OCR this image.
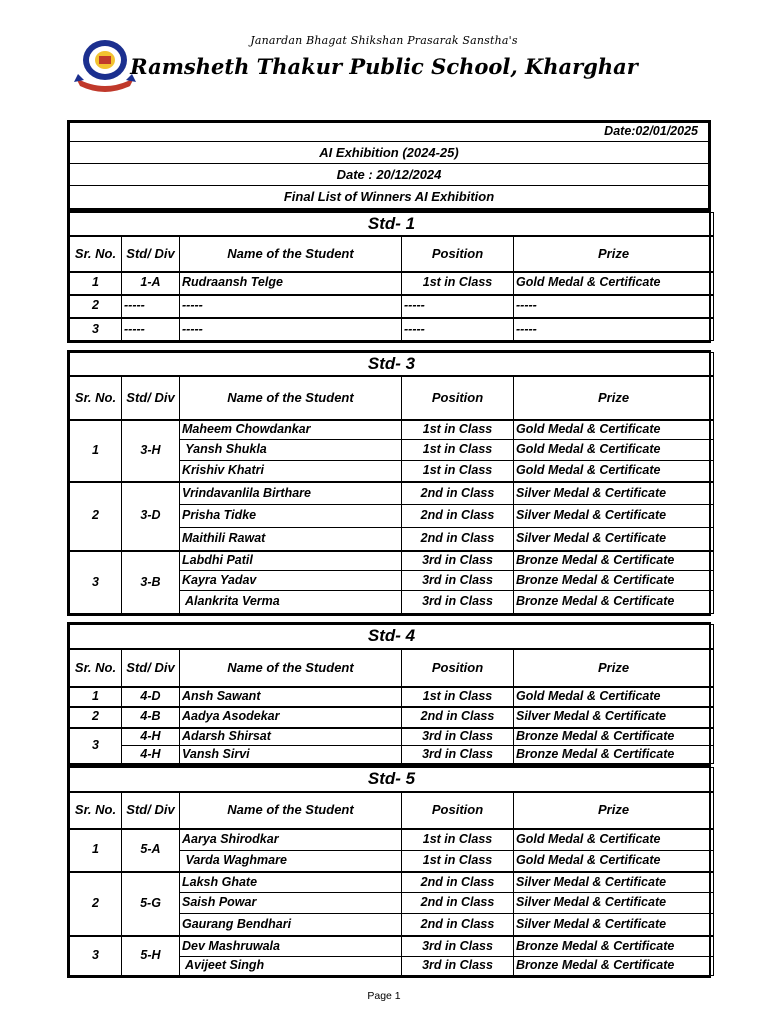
Janardan Bhagat Shikshan Prasarak Sanstha's
Ramsheth Thakur Public School, Kharghar
Date:02/01/2025
AI Exhibition (2024-25)
Date : 20/12/2024
Final List of Winners AI Exhibition
Std- 1				
Sr. No.	Std/ Div	Name of the Student	Position	Prize
1	1-A	Rudraansh Telge	1st in Class	Gold Medal & Certificate
2	-----	-----	-----	-----
3	-----	-----	-----	-----
Std- 3				
Sr. No.	Std/ Div	Name of the Student	Position	Prize
1	3-H	Maheem Chowdankar	1st in Class	Gold Medal & Certificate
		Yansh Shukla	1st in Class	Gold Medal & Certificate
		Krishiv Khatri	1st in Class	Gold Medal & Certificate
2	3-D	Vrindavanlila Birthare	2nd in Class	Silver Medal & Certificate
		Prisha Tidke	2nd in Class	Silver Medal & Certificate
		Maithili Rawat	2nd in Class	Silver Medal & Certificate
3	3-B	Labdhi Patil	3rd in Class	Bronze Medal & Certificate
		Kayra Yadav	3rd in Class	Bronze Medal & Certificate
		Alankrita Verma	3rd in Class	Bronze Medal & Certificate
Std- 4				
Sr. No.	Std/ Div	Name of the Student	Position	Prize
1	4-D	Ansh Sawant	1st in Class	Gold Medal & Certificate
2	4-B	Aadya Asodekar	2nd in Class	Silver Medal & Certificate
3	4-H	Adarsh Shirsat	3rd in Class	Bronze Medal & Certificate
	4-H	Vansh Sirvi	3rd in Class	Bronze Medal & Certificate
Std- 5				
Sr. No.	Std/ Div	Name of the Student	Position	Prize
1	5-A	Aarya Shirodkar	1st in Class	Gold Medal & Certificate
		Varda Waghmare	1st in Class	Gold Medal & Certificate
2	5-G	Laksh Ghate	2nd in Class	Silver Medal & Certificate
		Saish Powar	2nd in Class	Silver Medal & Certificate
		Gaurang Bendhari	2nd in Class	Silver Medal & Certificate
3	5-H	Dev Mashruwala	3rd in Class	Bronze Medal & Certificate
		Avijeet Singh	3rd in Class	Bronze Medal & Certificate
Page 1
